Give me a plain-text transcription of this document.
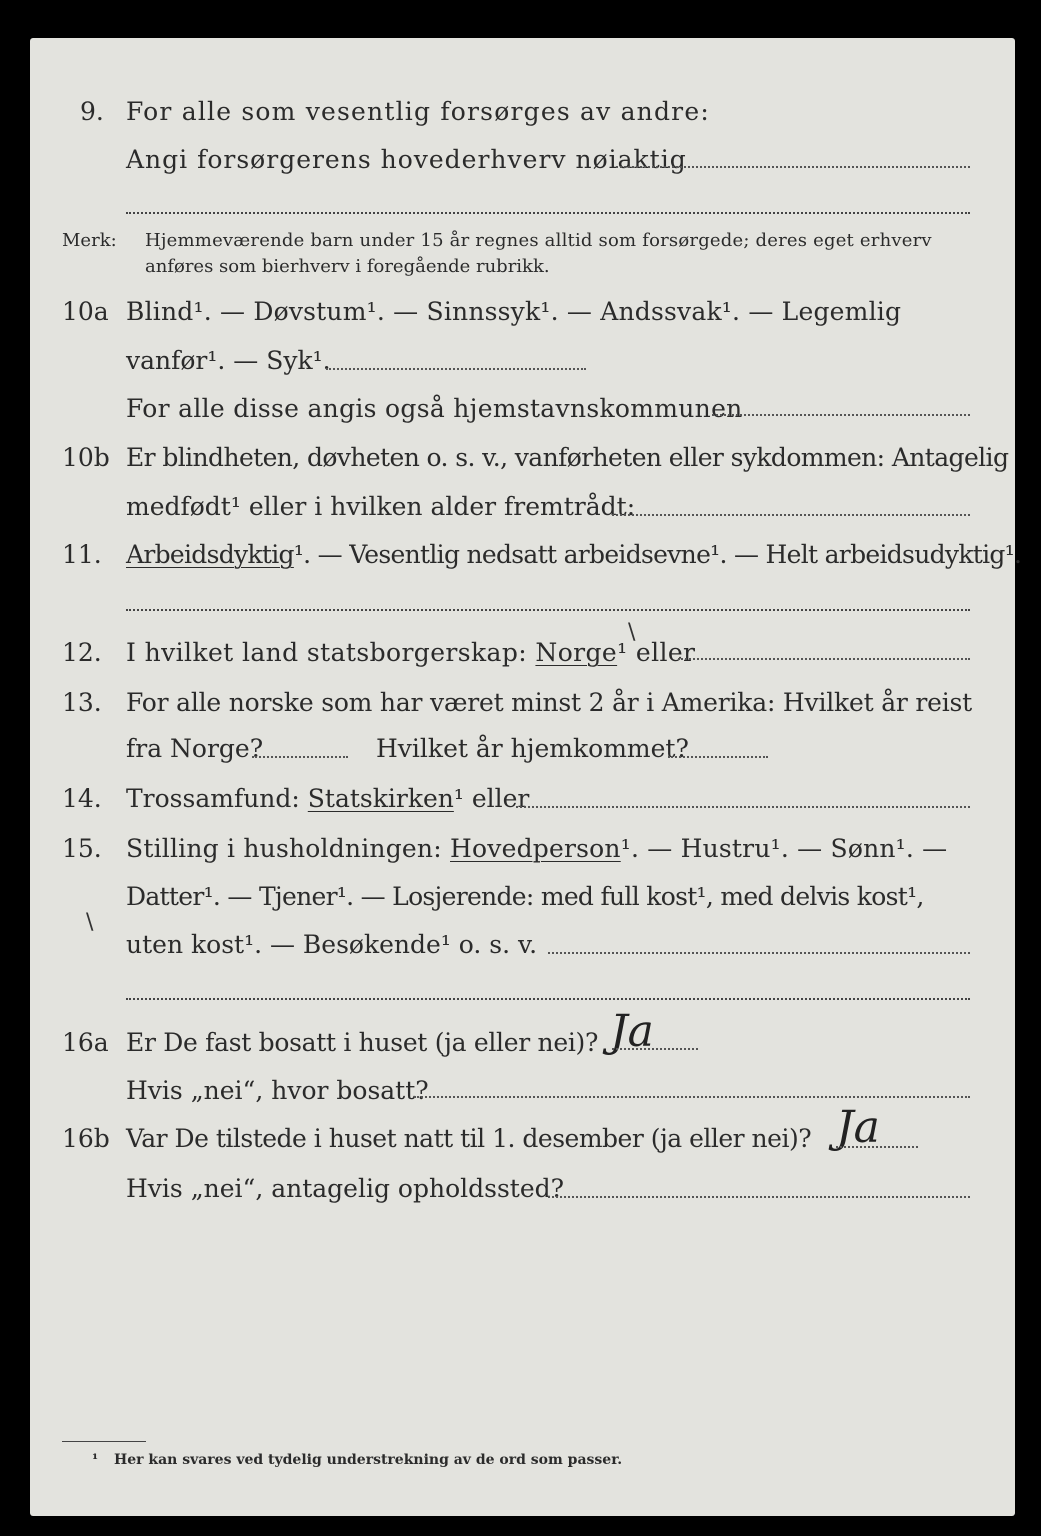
9. For alle som vesentlig forsørges av andre:
Angi forsørgerens hovederhverv nøiaktig
Merk: Hjemmeværende barn under 15 år regnes alltid som forsørgede; deres eget erhverv
anføres som bierhverv i foregående rubrikk.
10a Blind¹. — Døvstum¹. — Sinnssyk¹. — Andssvak¹. — Legemlig
vanfør¹. — Syk¹.
For alle disse angis også hjemstavnskommunen
10b Er blindheten, døvheten o. s. v., vanførheten eller sykdommen: Antagelig
medfødt¹ eller i hvilken alder fremtrådt:
11. Arbeidsdyktig¹. — Vesentlig nedsatt arbeidsevne¹. — Helt arbeidsudyktig¹.
12. I hvilket land statsborgerskap: Norge¹ eller
\
13. For alle norske som har været minst 2 år i Amerika: Hvilket år reist
fra Norge?	Hvilket år hjemkommet?
14. Trossamfund: Statskirken¹ eller
15. Stilling i husholdningen: Hovedperson¹. — Hustru¹. — Sønn¹. —
Datter¹. — Tjener¹. — Losjerende: med full kost¹, med delvis kost¹,
\
uten kost¹. — Besøkende¹ o. s. v.
16a Er De fast bosatt i huset (ja eller nei)? Ja
Hvis „nei“, hvor bosatt?
16b Var De tilstede i huset natt til 1. desember (ja eller nei)? Ja
Hvis „nei“, antagelig opholdssted?
¹ Her kan svares ved tydelig understrekning av de ord som passer.
